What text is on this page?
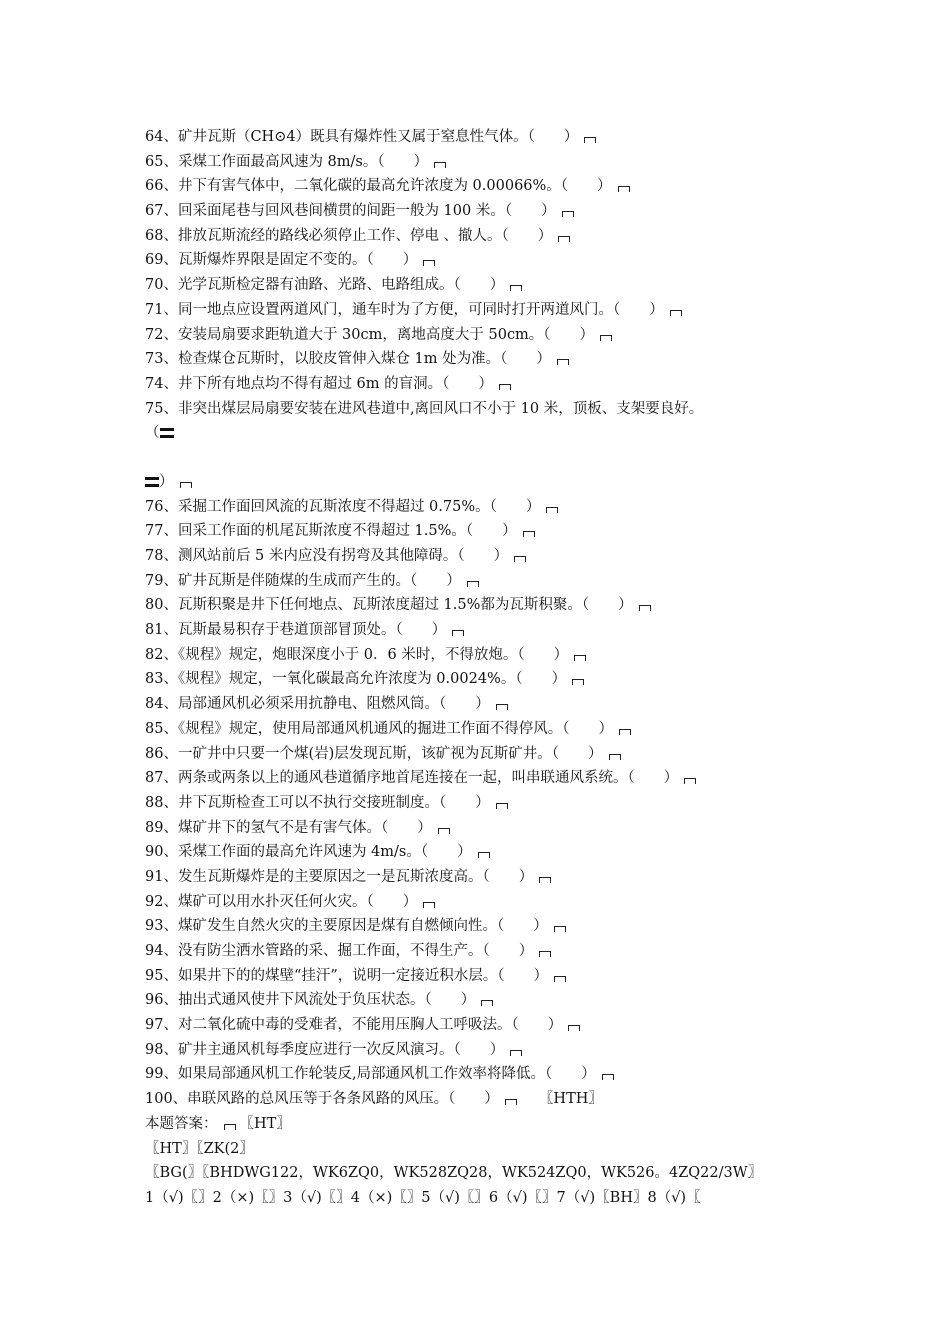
64、矿井瓦斯（CH⊙4）既具有爆炸性又属于窒息性气体。（　　）
65、采煤工作面最高风速为 8m/s。（　　）
66、井下有害气体中，二氧化碳的最高允许浓度为 0.00066%。（　　）
67、回采面尾巷与回风巷间横贯的间距一般为 100 米。（　　）
68、排放瓦斯流经的路线必须停止工作、停电 、撤人。（　　）
69、瓦斯爆炸界限是固定不变的。（　　）
70、光学瓦斯检定器有油路、光路、电路组成。（　　）
71、同一地点应设置两道风门，通车时为了方便，可同时打开两道风门。（　　）
72、安装局扇要求距轨道大于 30cm，离地高度大于 50cm。（　　）
73、检查煤仓瓦斯时，以胶皮管伸入煤仓 1m 处为准。（　　）
74、井下所有地点均不得有超过 6m 的盲洞。（　　）
75、非突出煤层局扇要安装在进风巷道中,离回风口不小于 10 米，顶板、支架要良好。
（
）
76、采掘工作面回风流的瓦斯浓度不得超过 0.75%。（　　）
77、回采工作面的机尾瓦斯浓度不得超过 1.5%。（　　）
78、测风站前后 5 米内应没有拐弯及其他障碍。（　　）
79、矿井瓦斯是伴随煤的生成而产生的。（　　）
80、瓦斯积聚是井下任何地点、瓦斯浓度超过 1.5%都为瓦斯积聚。（　　）
81、瓦斯最易积存于巷道顶部冒顶处。（　　）
82、《规程》规定，炮眼深度小于 0．6 米时，不得放炮。（　　）
83、《规程》规定，一氧化碳最高允许浓度为 0.0024%。（　　）
84、局部通风机必须采用抗静电、阻燃风筒。（　　）
85、《规程》规定，使用局部通风机通风的掘进工作面不得停风。（　　）
86、一矿井中只要一个煤(岩)层发现瓦斯，该矿视为瓦斯矿井。（　　）
87、两条或两条以上的通风巷道循序地首尾连接在一起，叫串联通风系统。（　　）
88、井下瓦斯检查工可以不执行交接班制度。（　　）
89、煤矿井下的氢气不是有害气体。（　　）
90、采煤工作面的最高允许风速为 4m/s。（　　）
91、发生瓦斯爆炸是的主要原因之一是瓦斯浓度高。（　　）
92、煤矿可以用水扑灭任何火灾。（　　）
93、煤矿发生自然火灾的主要原因是煤有自燃倾向性。（　　）
94、没有防尘洒水管路的采、掘工作面，不得生产。（　　）
95、如果井下的的煤壁“挂汗”，说明一定接近积水层。（　　）
96、抽出式通风使井下风流处于负压状态。（　　）
97、对二氧化硫中毒的受难者，不能用压胸人工呼吸法。（　　）
98、矿井主通风机每季度应进行一次反风演习。（　　）
99、如果局部通风机工作轮装反,局部通风机工作效率将降低。（　　）
100、串联风路的总风压等于各条风路的风压。（　　）	〖HTH〗
本题答案： 〖HT〗
〖HT〗〖ZK(2〗
〖BG(〗〖BHDWG122，WK6ZQ0，WK528ZQ28，WK524ZQ0，WK526。4ZQ22/3W〗
1（√)〖〗2（×)〖〗3（√)〖〗4（×)〖〗5（√)〖〗6（√)〖〗7（√)〖BH〗8（√)〖
